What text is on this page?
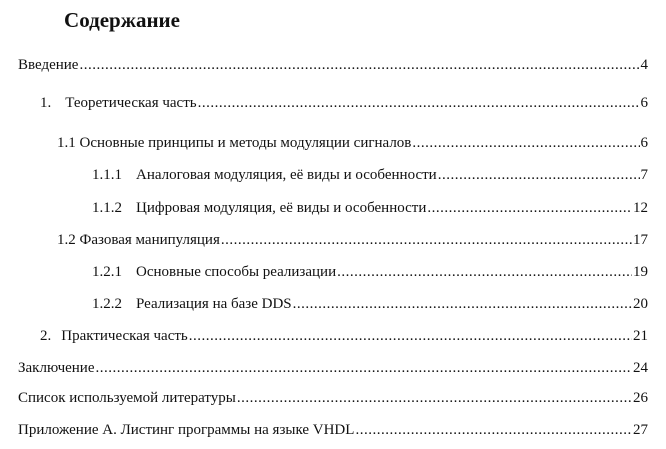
Содержание
Введение .....	4
1. Теоретическая часть .....	6
1.1 Основные принципы и методы модуляции сигналов .....	6
1.1.1 Аналоговая модуляция, её виды и особенности .....	7
1.1.2 Цифровая модуляция, её виды и особенности .....	12
1.2 Фазовая манипуляция .....	17
1.2.1 Основные способы реализации .....	19
1.2.2 Реализация на базе DDS .....	20
2. Практическая часть .....	21
Заключение .....	24
Список используемой литературы .....	26
Приложение А. Листинг программы на языке VHDL .....	27
